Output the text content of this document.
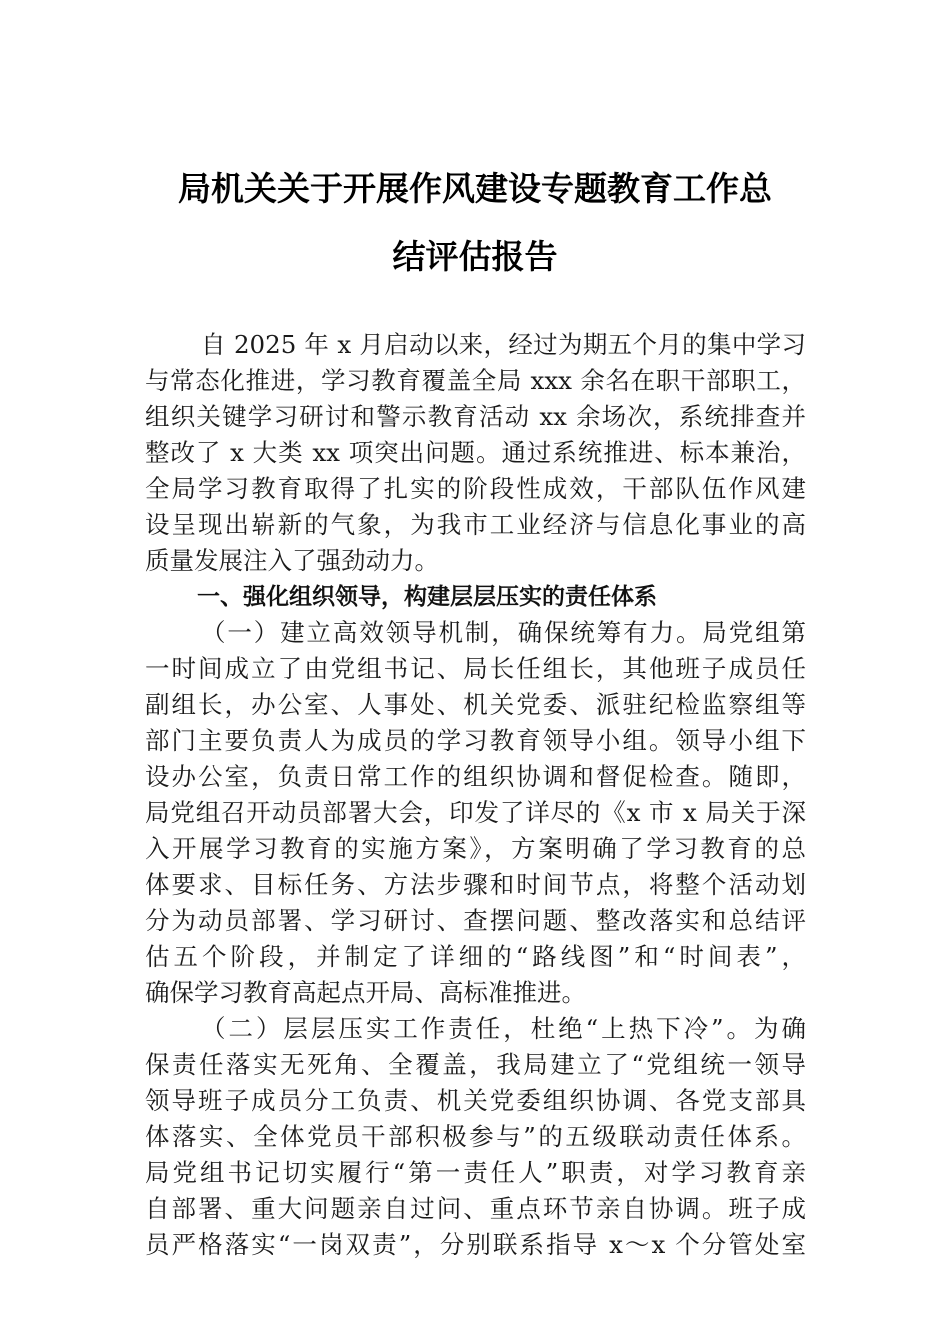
局机关关于开展作风建设专题教育工作总
结评估报告
自 2025 年 x 月启动以来，经过为期五个月的集中学习
与常态化推进，学习教育覆盖全局 xxx 余名在职干部职工，
组织关键学习研讨和警示教育活动 xx 余场次，系统排查并
整改了 x 大类 xx 项突出问题。通过系统推进、标本兼治，
全局学习教育取得了扎实的阶段性成效，干部队伍作风建
设呈现出崭新的气象，为我市工业经济与信息化事业的高
质量发展注入了强劲动力。
一、强化组织领导，构建层层压实的责任体系
（一）建立高效领导机制，确保统筹有力。局党组第
一时间成立了由党组书记、局长任组长，其他班子成员任
副组长，办公室、人事处、机关党委、派驻纪检监察组等
部门主要负责人为成员的学习教育领导小组。领导小组下
设办公室，负责日常工作的组织协调和督促检查。随即，
局党组召开动员部署大会，印发了详尽的《x 市 x 局关于深
入开展学习教育的实施方案》，方案明确了学习教育的总
体要求、目标任务、方法步骤和时间节点，将整个活动划
分为动员部署、学习研讨、查摆问题、整改落实和总结评
估五个阶段，并制定了详细的“路线图”和“时间表”，
确保学习教育高起点开局、高标准推进。
（二）层层压实工作责任，杜绝“上热下冷”。为确
保责任落实无死角、全覆盖，我局建立了“党组统一领导
领导班子成员分工负责、机关党委组织协调、各党支部具
体落实、全体党员干部积极参与”的五级联动责任体系。
局党组书记切实履行“第一责任人”职责，对学习教育亲
自部署、重大问题亲自过问、重点环节亲自协调。班子成
员严格落实“一岗双责”，分别联系指导 x～x 个分管处室
